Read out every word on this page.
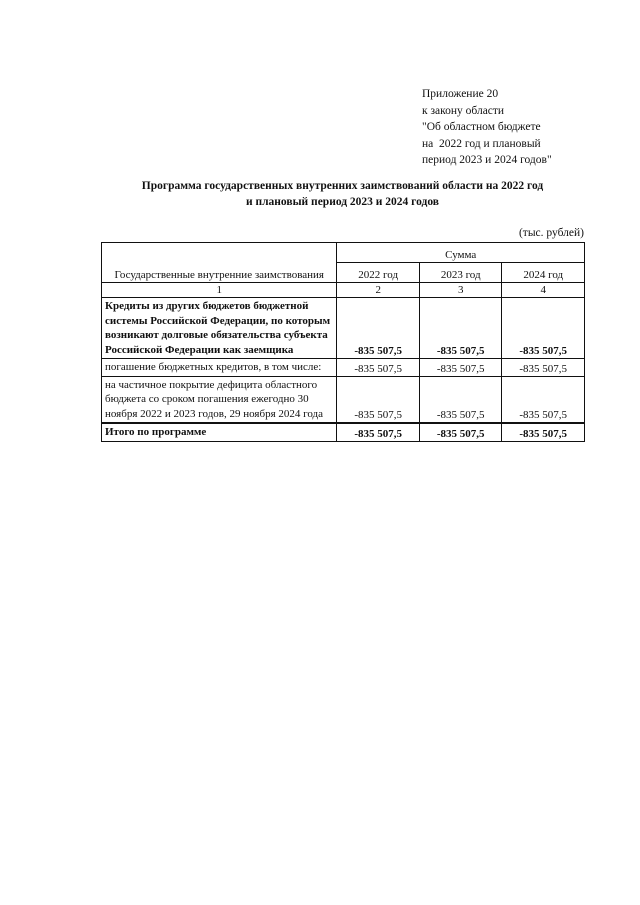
Приложение 20
к закону области
"Об областном бюджете
на  2022 год и плановый
период 2023 и 2024 годов"
Программа государственных внутренних заимствований области на 2022 год
и плановый период 2023 и 2024 годов
(тыс. рублей)
Государственные внутренние заимствования	Сумма		
	2022 год	2023 год	2024 год
1	2	3	4
Кредиты из других бюджетов бюджетной системы Российской Федерации, по которым возникают долговые обязательства субъекта Российской Федерации как заемщика	-835 507,5	-835 507,5	-835 507,5
погашение бюджетных кредитов, в том числе:	-835 507,5	-835 507,5	-835 507,5
на частичное покрытие дефицита областного бюджета со сроком погашения ежегодно 30 ноября 2022 и 2023 годов, 29 ноября 2024 года	-835 507,5	-835 507,5	-835 507,5
Итого по программе	-835 507,5	-835 507,5	-835 507,5
